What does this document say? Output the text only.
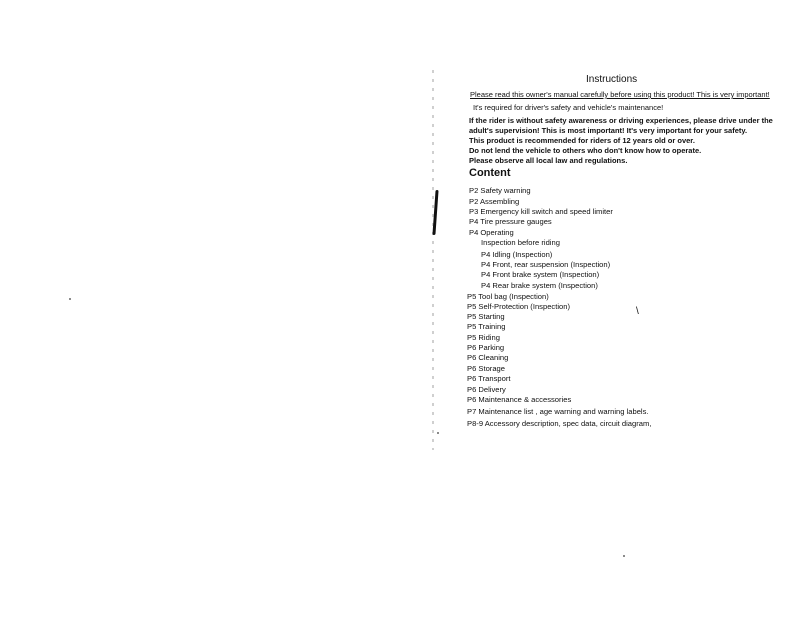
Instructions
Please read this owner's manual carefully before using this product! This is very important!
It's required for driver's safety and vehicle's maintenance!
If the rider is without safety awareness or driving experiences, please drive under the
adult's supervision! This is most important! It's very important for your safety.
This product is recommended for riders of 12 years old or over.
Do not lend the vehicle to others who don't know how to operate.
Please observe all local law and regulations.
Content
P2 Safety warning
P2 Assembling
P3 Emergency kill switch and speed limiter
P4 Tire pressure gauges
P4 Operating
Inspection before riding
P4 Idling (Inspection)
P4 Front, rear suspension (Inspection)
P4 Front brake system (Inspection)
P4 Rear brake system (Inspection)
P5 Tool bag (Inspection)
P5 Self-Protection (Inspection)
P5 Starting
P5 Training
P5 Riding
P6 Parking
P6 Cleaning
P6 Storage
P6 Transport
P6 Delivery
P6 Maintenance & accessories
P7 Maintenance list , age warning and warning labels.
P8-9 Accessory description, spec data, circuit diagram,
\
